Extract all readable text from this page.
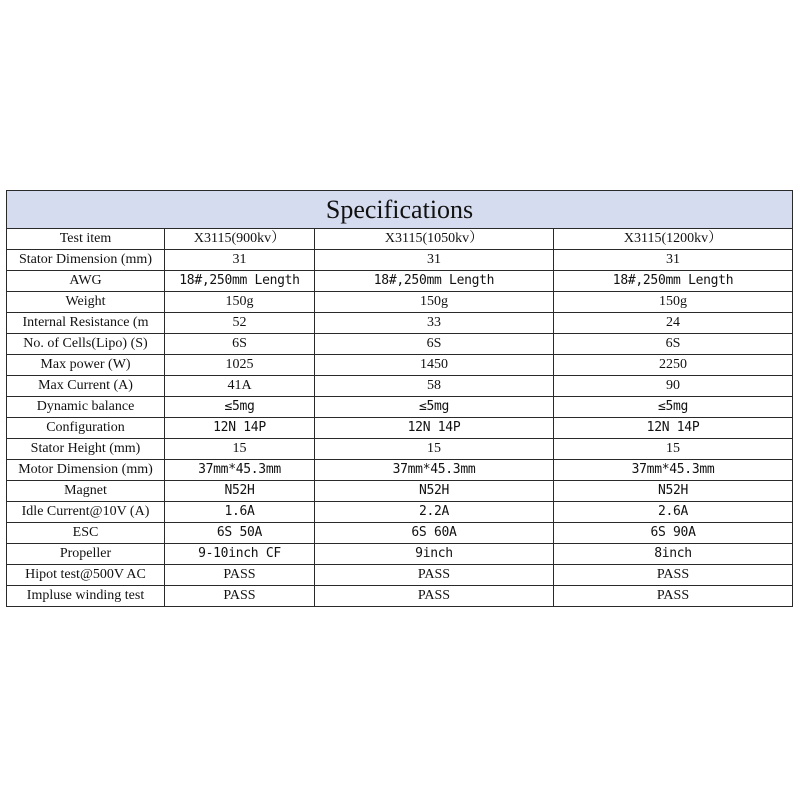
Specifications			
Test item	X3115(900kv）	X3115(1050kv）	X3115(1200kv）
Stator Dimension (mm)	31	31	31
AWG	18#,250mm Length	18#,250mm Length	18#,250mm Length
Weight	150g	150g	150g
Internal Resistance (m	52	33	24
No. of Cells(Lipo) (S)	6S	6S	6S
Max power (W)	1025	1450	2250
Max Current (A)	41A	58	90
Dynamic balance	≤5mg	≤5mg	≤5mg
Configuration	12N 14P	12N 14P	12N 14P
Stator Height (mm)	15	15	15
Motor Dimension (mm)	37mm*45.3mm	37mm*45.3mm	37mm*45.3mm
Magnet	N52H	N52H	N52H
Idle Current@10V (A)	1.6A	2.2A	2.6A
ESC	6S 50A	6S 60A	6S 90A
Propeller	9-10inch CF	9inch	8inch
Hipot test@500V AC	PASS	PASS	PASS
Impluse winding test	PASS	PASS	PASS
